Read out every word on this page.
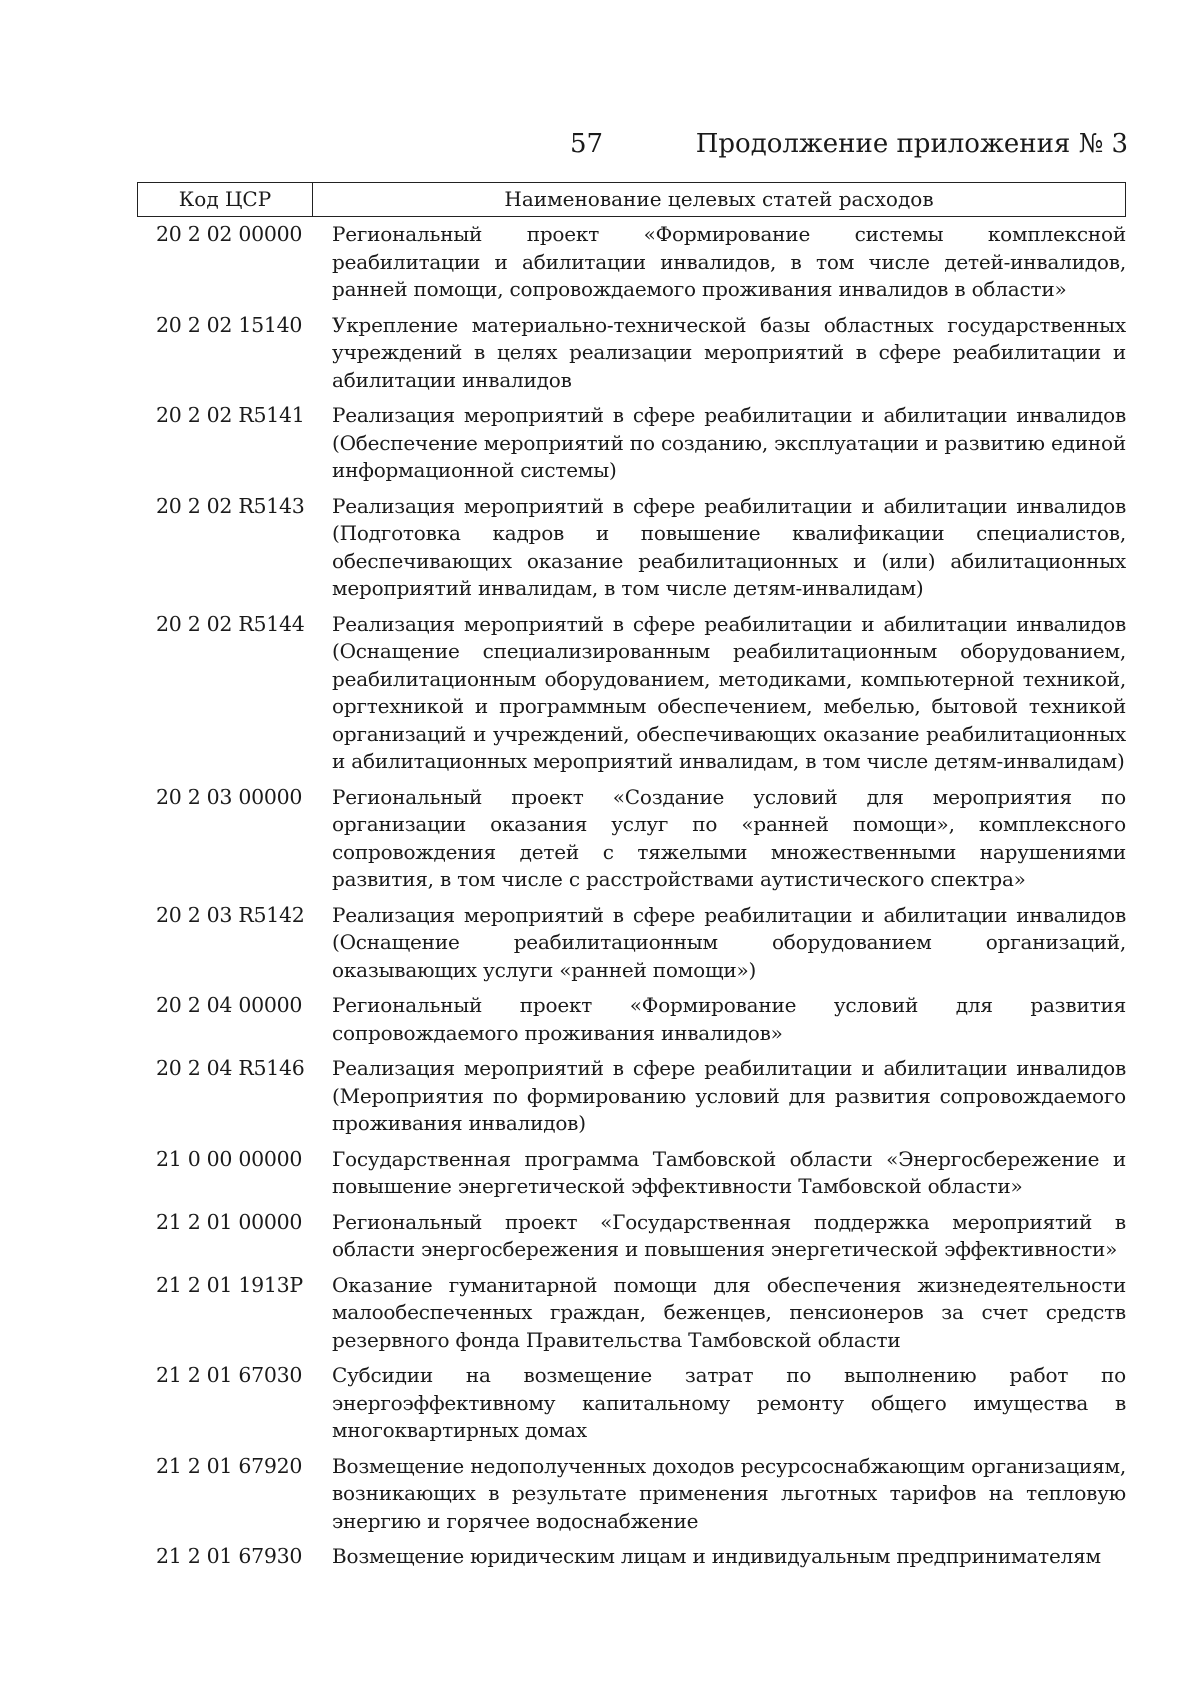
57	Продолжение приложения № 3
Код ЦСР	Наименование целевых статей расходов
20 2 02 00000	Региональный проект «Формирование системы комплексной реабилитации и абилитации инвалидов, в том числе детей-инвалидов, ранней помощи, сопровождаемого проживания инвалидов в области»
20 2 02 15140	Укрепление материально-технической базы областных государственных учреждений в целях реализации мероприятий в сфере реабилитации и абилитации инвалидов
20 2 02 R5141	Реализация мероприятий в сфере реабилитации и абилитации инвалидов (Обеспечение мероприятий по созданию, эксплуатации и развитию единой информационной системы)
20 2 02 R5143	Реализация мероприятий в сфере реабилитации и абилитации инвалидов (Подготовка кадров и повышение квалификации специалистов, обеспечивающих оказание реабилитационных и (или) абилитационных мероприятий инвалидам, в том числе детям-инвалидам)
20 2 02 R5144	Реализация мероприятий в сфере реабилитации и абилитации инвалидов (Оснащение специализированным реабилитационным оборудованием, реабилитационным оборудованием, методиками, компьютерной техникой, оргтехникой и программным обеспечением, мебелью, бытовой техникой организаций и учреждений, обеспечивающих оказание реабилитационных и абилитационных мероприятий инвалидам, в том числе детям-инвалидам)
20 2 03 00000	Региональный проект «Создание условий для мероприятия по организации оказания услуг по «ранней помощи», комплексного сопровождения детей с тяжелыми множественными нарушениями развития, в том числе с расстройствами аутистического спектра»
20 2 03 R5142	Реализация мероприятий в сфере реабилитации и абилитации инвалидов (Оснащение реабилитационным оборудованием организаций, оказывающих услуги «ранней помощи»)
20 2 04 00000	Региональный проект «Формирование условий для развития сопровождаемого проживания инвалидов»
20 2 04 R5146	Реализация мероприятий в сфере реабилитации и абилитации инвалидов (Мероприятия по формированию условий для развития сопровождаемого проживания инвалидов)
21 0 00 00000	Государственная программа Тамбовской области «Энергосбережение и повышение энергетической эффективности Тамбовской области»
21 2 01 00000	Региональный проект «Государственная поддержка мероприятий в области энергосбережения и повышения энергетической эффективности»
21 2 01 1913P	Оказание гуманитарной помощи для обеспечения жизнедеятельности малообеспеченных граждан, беженцев, пенсионеров за счет средств резервного фонда Правительства Тамбовской области
21 2 01 67030	Субсидии на возмещение затрат по выполнению работ по энергоэффективному капитальному ремонту общего имущества в многоквартирных домах
21 2 01 67920	Возмещение недополученных доходов ресурсоснабжающим организациям, возникающих в результате применения льготных тарифов на тепловую энергию и горячее водоснабжение
21 2 01 67930	Возмещение юридическим лицам и индивидуальным предпринимателям
